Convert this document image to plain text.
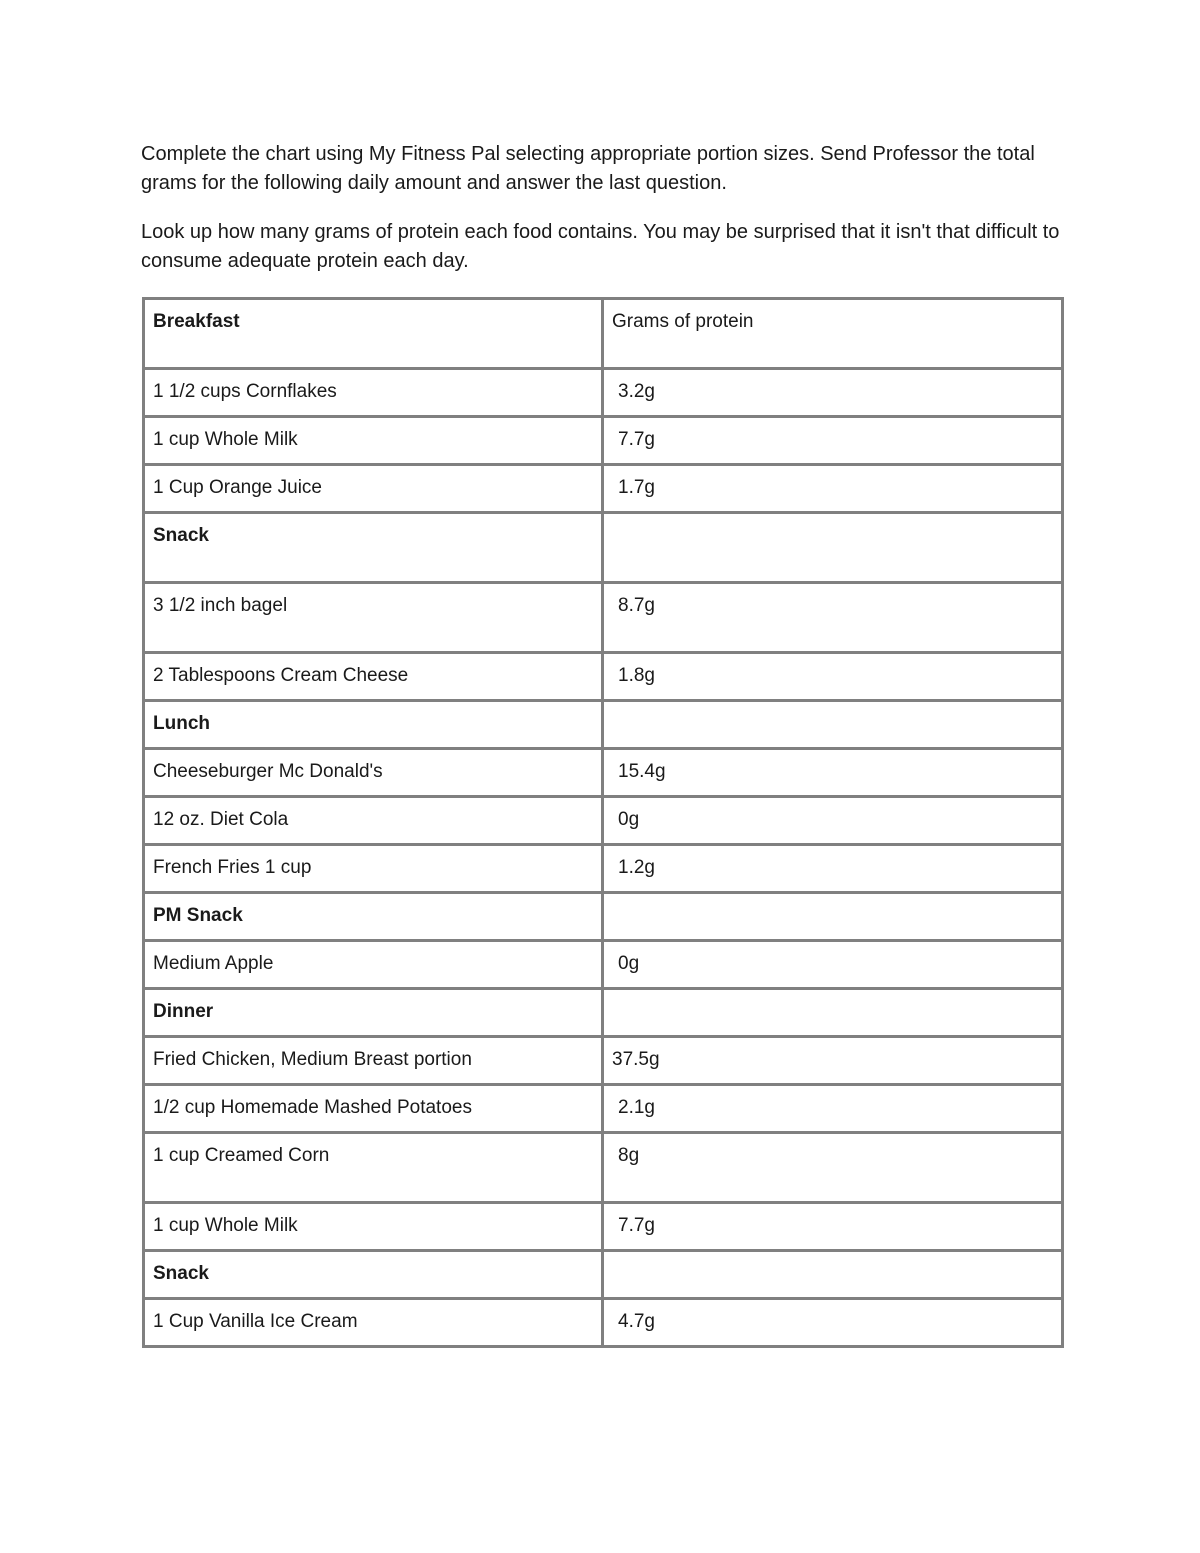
Complete the chart using My Fitness Pal selecting appropriate portion sizes. Send Professor the total grams for the following daily amount and answer the last question.

Look up how many grams of protein each food contains. You may be surprised that it isn't that difficult to consume adequate protein each day.

Breakfast	Grams of protein
1 1/2 cups Cornflakes	3.2g
1 cup Whole Milk	7.7g
1 Cup Orange Juice	1.7g
Snack	
3 1/2 inch bagel	8.7g
2 Tablespoons Cream Cheese	1.8g
Lunch	
Cheeseburger Mc Donald's	15.4g
12 oz. Diet Cola	0g
French Fries 1 cup	1.2g
PM Snack	
Medium Apple	0g
Dinner	
Fried Chicken, Medium Breast portion	37.5g
1/2 cup Homemade Mashed Potatoes	2.1g
1 cup Creamed Corn	8g
1 cup Whole Milk	7.7g
Snack	
1 Cup Vanilla Ice Cream	4.7g
